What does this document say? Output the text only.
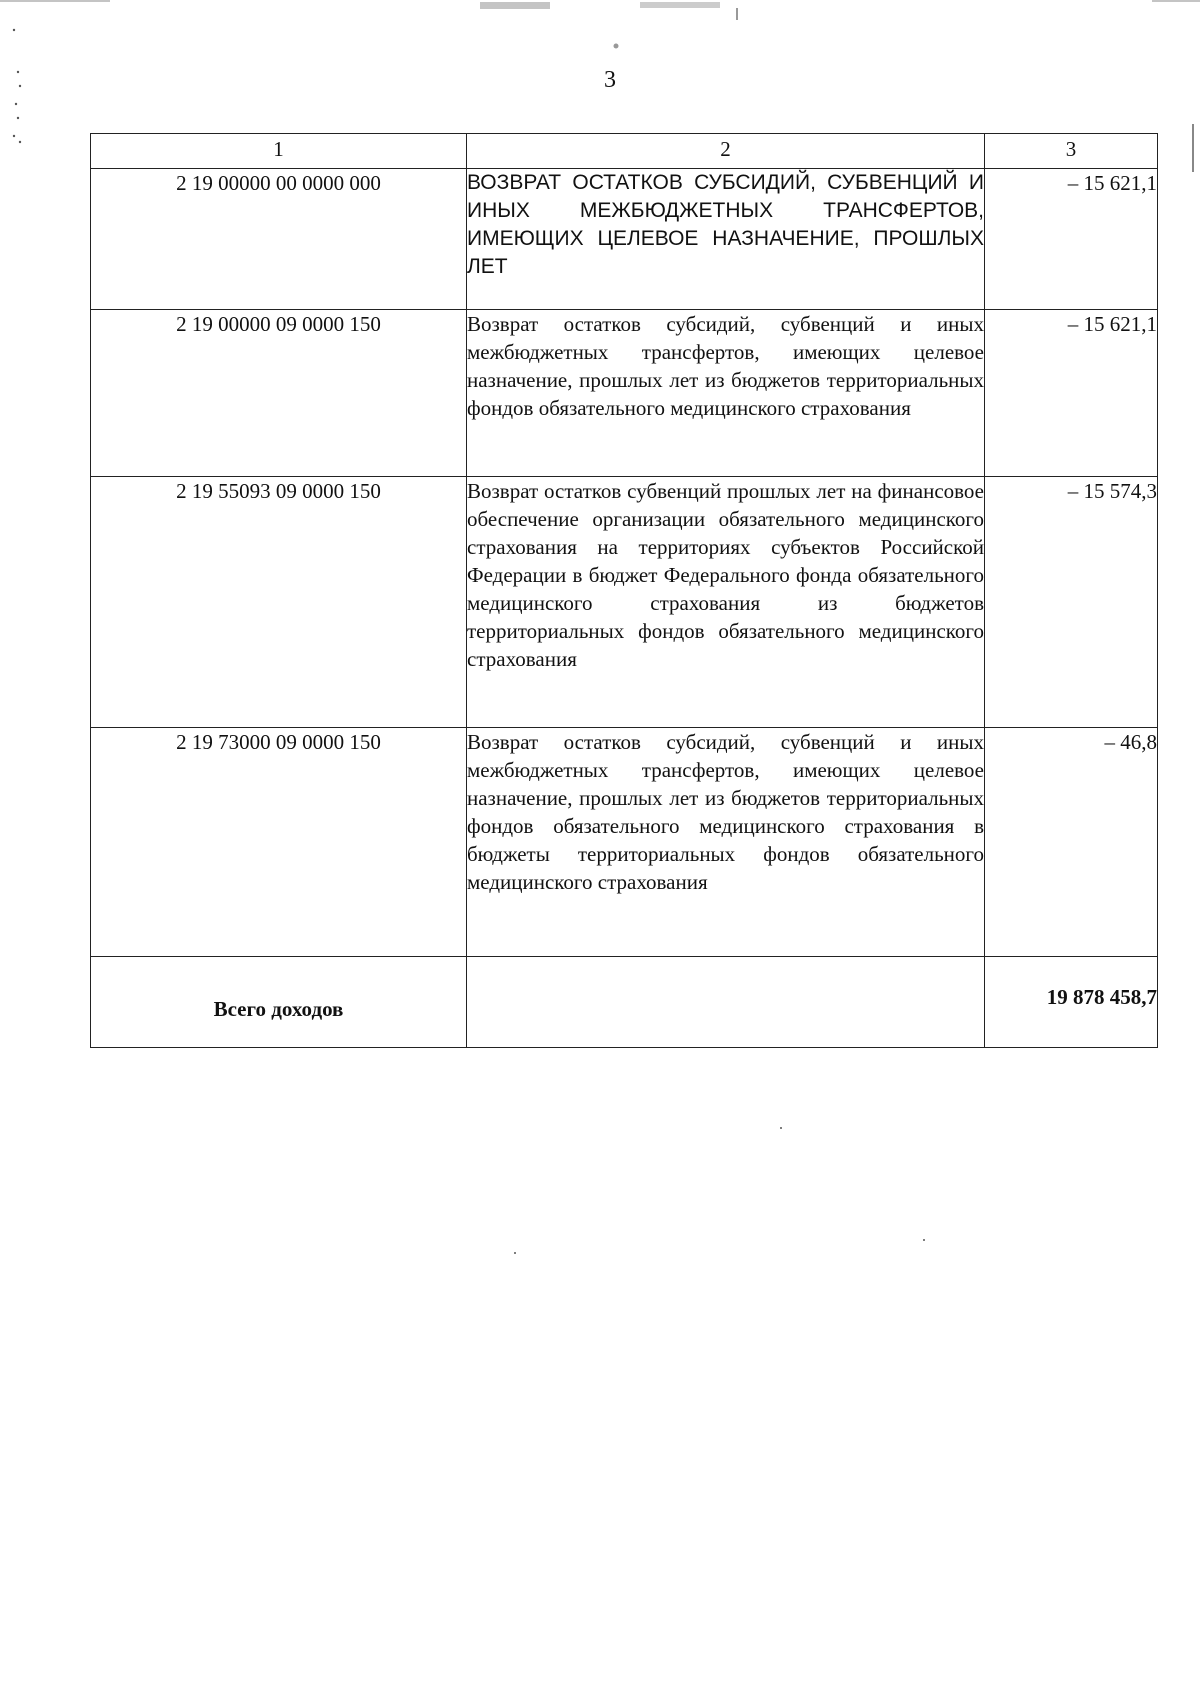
3
1	2	3
2 19 00000 00 0000 000	ВОЗВРАТ ОСТАТКОВ СУБСИДИЙ, СУБВЕНЦИЙ И ИНЫХ МЕЖБЮДЖЕТНЫХ ТРАНСФЕРТОВ, ИМЕЮЩИХ ЦЕЛЕВОЕ НАЗНАЧЕНИЕ, ПРОШЛЫХ ЛЕТ	– 15 621,1
2 19 00000 09 0000 150	Возврат остатков субсидий, субвенций и иных межбюджетных трансфертов, имеющих целевое назначение, прошлых лет из бюджетов территориальных фондов обязательного медицинского страхования	– 15 621,1
2 19 55093 09 0000 150	Возврат остатков субвенций прошлых лет на финансовое обеспечение организации обязательного медицинского страхования на территориях субъектов Российской Федерации в бюджет Федерального фонда обязательного медицинского страхования из бюджетов территориальных фондов обязательного медицинского страхования	– 15 574,3
2 19 73000 09 0000 150	Возврат остатков субсидий, субвенций и иных межбюджетных трансфертов, имеющих целевое назначение, прошлых лет из бюджетов территориальных фондов обязательного медицинского страхования в бюджеты территориальных фондов обязательного медицинского страхования	– 46,8
Всего доходов		19 878 458,7
